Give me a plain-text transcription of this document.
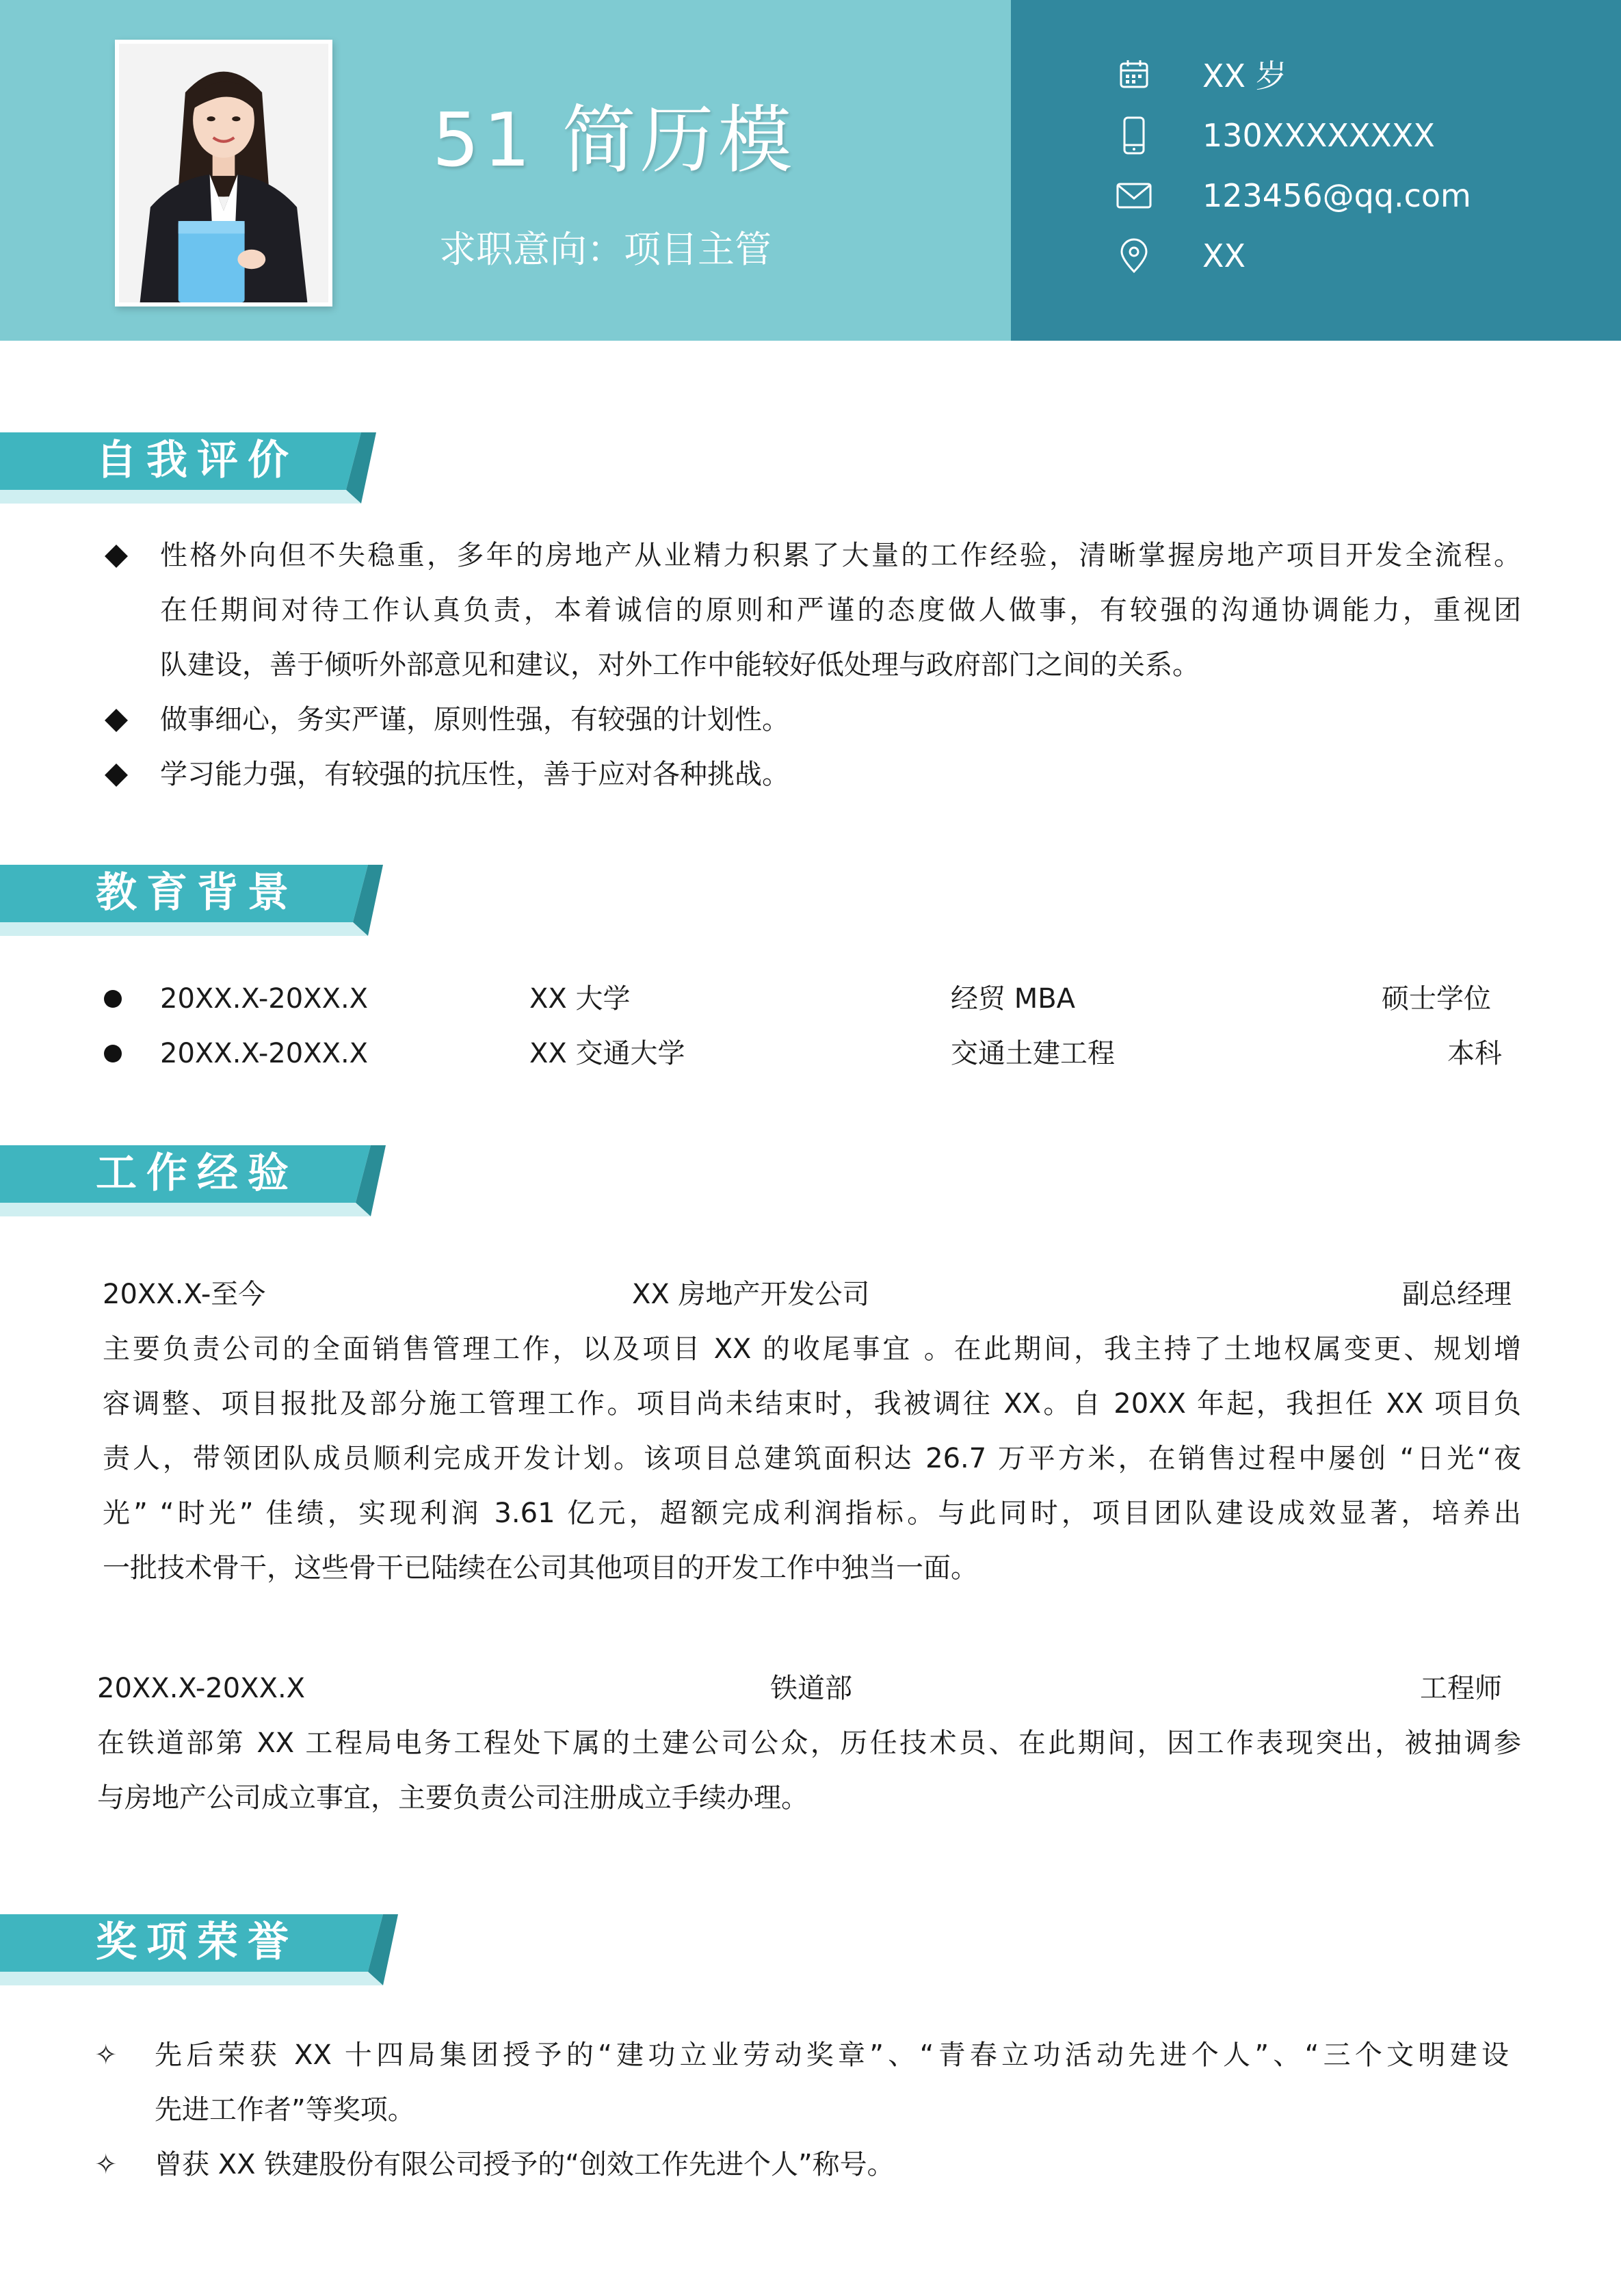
51 简历模
求职意向：项目主管
XX 岁
130XXXXXXXX
123456@qq.com
XX
自我评价
性格外向但不失稳重，多年的房地产从业精力积累了大量的工作经验，清晰掌握房地产项目开发全流程。
在任期间对待工作认真负责，本着诚信的原则和严谨的态度做人做事，有较强的沟通协调能力，重视团
队建设，善于倾听外部意见和建议，对外工作中能较好低处理与政府部门之间的关系。
做事细心，务实严谨，原则性强，有较强的计划性。
学习能力强，有较强的抗压性，善于应对各种挑战。
教育背景
20XX.X-20XX.X	XX 大学	经贸 MBA	硕士学位
20XX.X-20XX.X	XX 交通大学	交通土建工程	本科
工作经验
20XX.X-至今	XX 房地产开发公司	副总经理
主要负责公司的全面销售管理工作，以及项目 XX 的收尾事宜 。在此期间，我主持了土地权属变更、规划增
容调整、项目报批及部分施工管理工作。项目尚未结束时，我被调往 XX。自 20XX 年起，我担任 XX 项目负
责人，带领团队成员顺利完成开发计划。该项目总建筑面积达 26.7 万平方米，在销售过程中屡创 “日光“夜
光” “时光” 佳绩，实现利润 3.61 亿元，超额完成利润指标。与此同时，项目团队建设成效显著，培养出
一批技术骨干，这些骨干已陆续在公司其他项目的开发工作中独当一面。
20XX.X-20XX.X	铁道部	工程师
在铁道部第 XX 工程局电务工程处下属的土建公司公众，历任技术员、在此期间，因工作表现突出，被抽调参
与房地产公司成立事宜，主要负责公司注册成立手续办理。
奖项荣誉
✧ 先后荣获 XX 十四局集团授予的“建功立业劳动奖章”、“青春立功活动先进个人”、“三个文明建设
先进工作者”等奖项。
✧ 曾获 XX 铁建股份有限公司授予的“创效工作先进个人”称号。
